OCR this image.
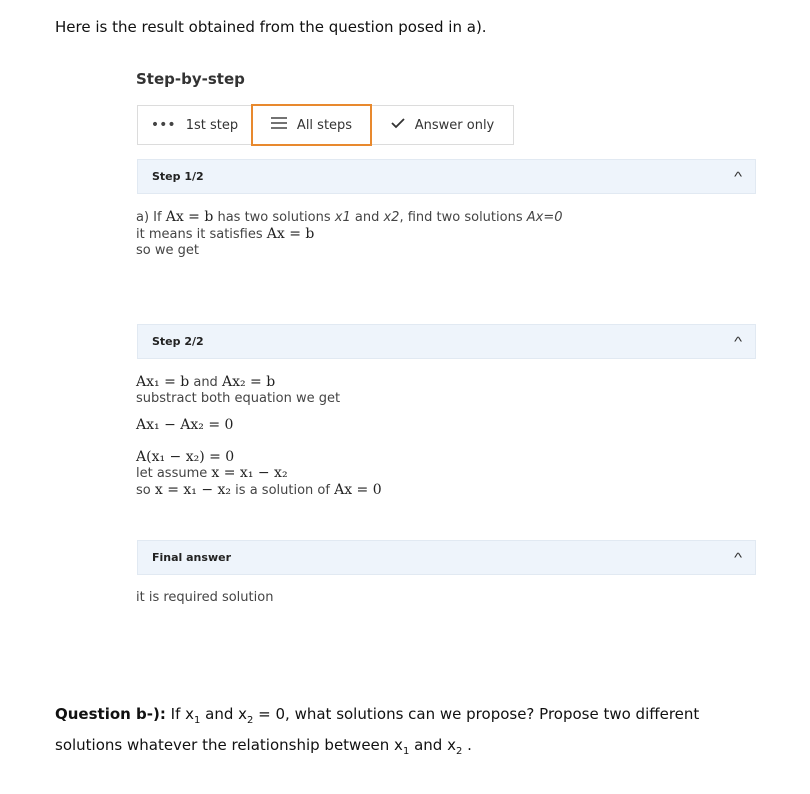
Here is the result obtained from the question posed in a).
Step-by-step
••• 1st step	All steps	Answer only
Step 1/2	^
a) If Ax = b has two solutions x1 and x2, find two solutions Ax=0
it means it satisfies Ax = b
so we get
Step 2/2	^
Ax₁ = b and Ax₂ = b
substract both equation we get
Ax₁ − Ax₂ = 0
A(x₁ − x₂) = 0
let assume x = x₁ − x₂
so x = x₁ − x₂ is a solution of Ax = 0
Final answer	^
it is required solution
Question b-): If $x_1$ and $x_2 = 0$, what solutions can we propose? Propose two different solutions whatever the relationship between $x_1$ and $x_2$ .
